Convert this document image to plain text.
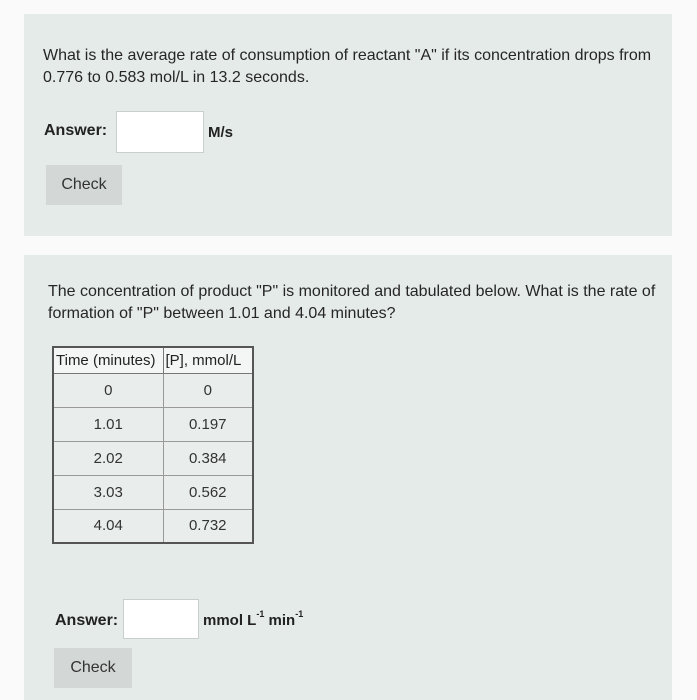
What is the average rate of consumption of reactant "A" if its concentration drops from 0.776 to 0.583 mol/L in 13.2 seconds.
Answer:	M/s
Check
The concentration of product "P" is monitored and tabulated below. What is the rate of formation of "P" between 1.01 and 4.04 minutes?
Time (minutes)	[P], mmol/L
0	0
1.01	0.197
2.02	0.384
3.03	0.562
4.04	0.732
Answer:	mmol $L^{-1}$ $\min^{-1}$
Check
